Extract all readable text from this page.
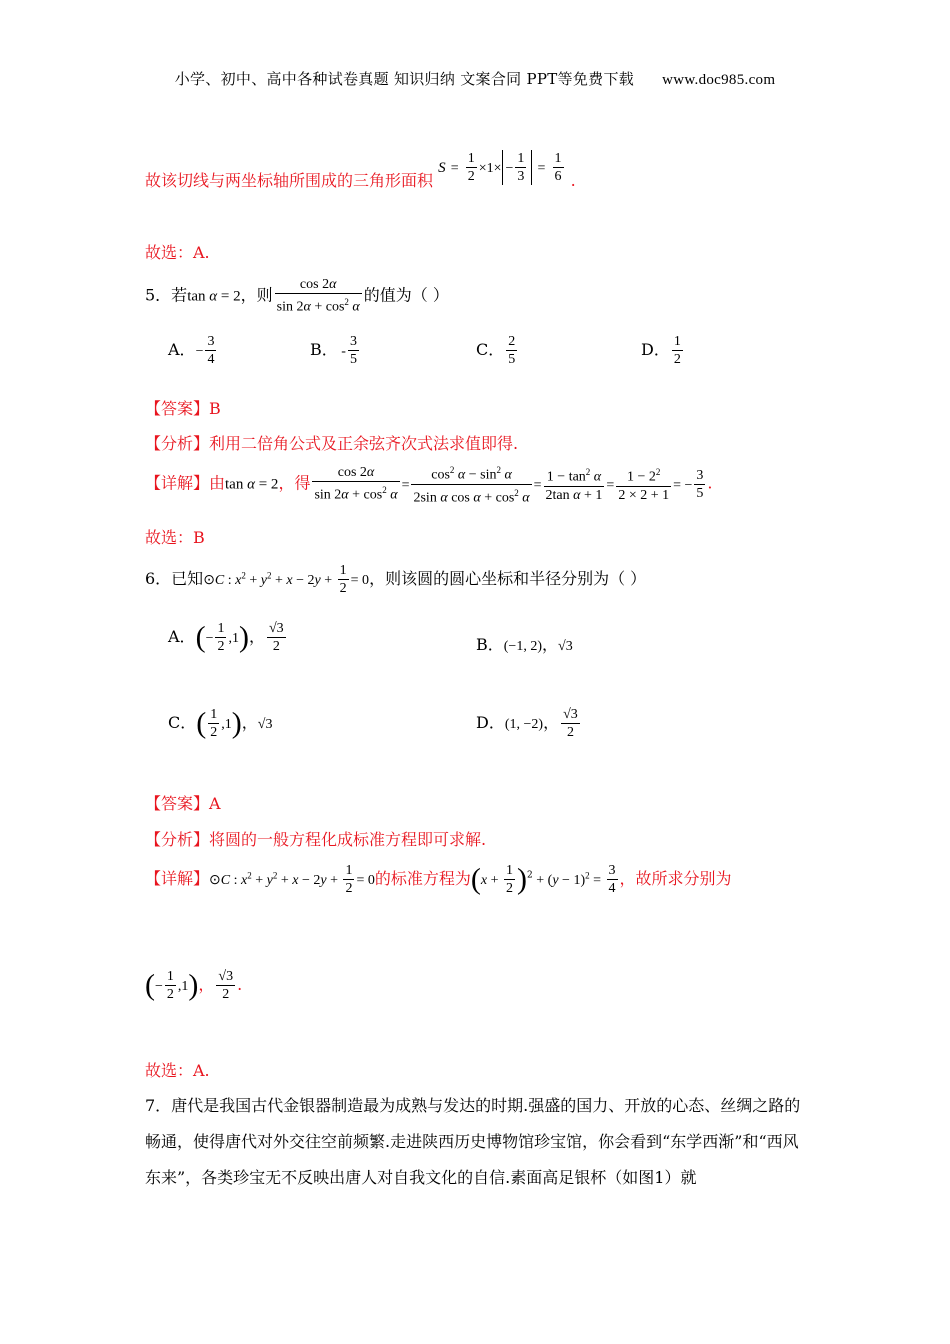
小学、初中、高中各种试卷真题 知识归纳 文案合同 PPT等免费下载 www.doc985.com
故该切线与两坐标轴所围成的三角形面积 $S = \frac{1}{2} \times 1\times - \frac{1}{3} = \frac{1}{6}$ .
故选：A.
5．若tan α = 2，则 $\frac{\cos 2\alpha}{\sin 2\alpha + \cos^2 \alpha}$ 的值为（ ）
A．− $\frac{3}{4}$	B． - $\frac{3}{5}$	C． $\frac{2}{5}$	D． $\frac{1}{2}$
【答案】B
【分析】利用二倍角公式及正余弦齐次式法求值即得.
【详解】由tan α = 2，得 $\frac{\cos 2\alpha}{\sin 2\alpha + \cos^2 \alpha} = \frac{\cos^2 \alpha - \sin^2 \alpha}{2\sin \alpha \cos \alpha + \cos^2 \alpha} = \frac{1 - \tan^2 \alpha}{\text{2tan α + 1}} = \frac{1 - 2^2}{2 \times 2 + 1}$ = − $\frac{3}{5}$ .
故选：B
6．已知⊙C : $x^2 + y^2 + x - 2y + \frac{1}{2} = 0$，则该圆的圆心坐标和半径分别为（ ）
A．(− $\frac{1}{2} ,1$)， $\frac{√3}{2}$	B．(−1, 2)，√3
C．( $\frac{1}{2} ,1$)，√3	D．(1, −2)， $\frac{√3}{2}$
【答案】A
【分析】将圆的一般方程化成标准方程即可求解.
【详解】⊙C : $x^2 + y^2 + x - 2y + \frac{1}{2} = 0$的标准方程为$(x + \frac{1}{2} )^2 + (y - 1)^2 = \frac{3}{4}$ ，故所求分别为
(− $\frac{1}{2} ,1$)， $\frac{√3}{2}$ .
故选：A.
7．唐代是我国古代金银器制造最为成熟与发达的时期.强盛的国力、开放的心态、丝绸之路的畅通，使得唐代对外交往空前频繁.走进陕西历史博物馆珍宝馆，你会看到“东学西渐”和“西风东来”，各类珍宝无不反映出唐人对自我文化的自信.素面高足银杯（如图1）就
